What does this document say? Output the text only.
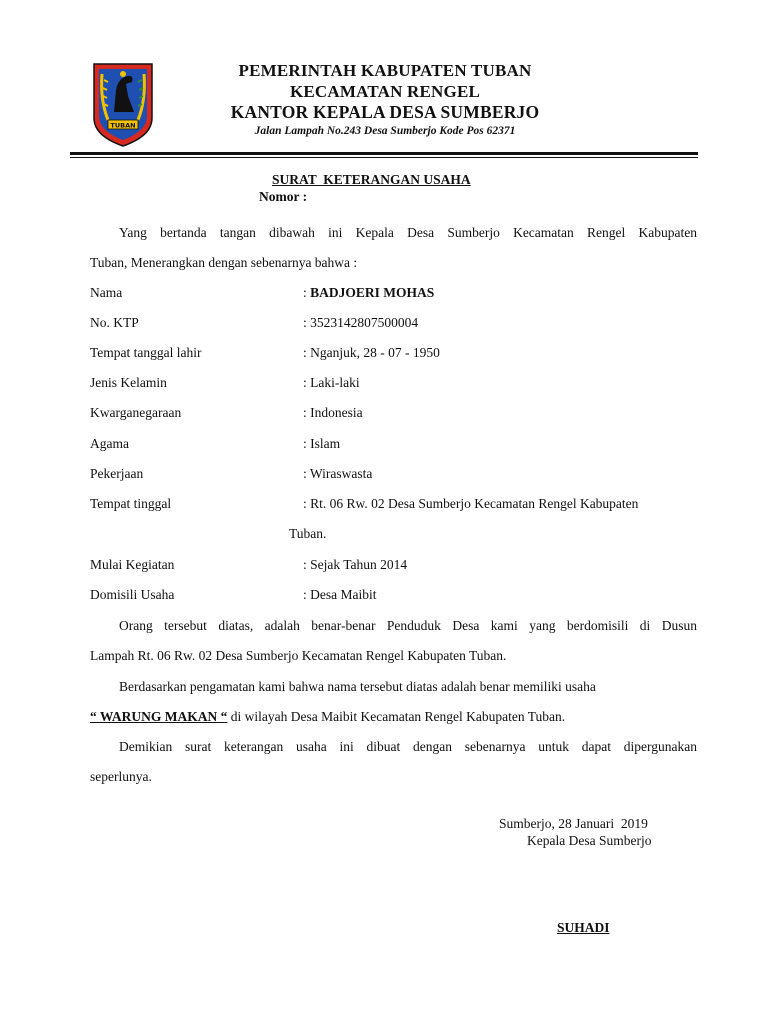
TUBAN
PEMERINTAH KABUPATEN TUBAN
KECAMATAN RENGEL
KANTOR KEPALA DESA SUMBERJO
Jalan Lampah No.243 Desa Sumberjo Kode Pos 62371
SURAT  KETERANGAN USAHA
Nomor :
Yang bertanda tangan dibawah ini Kepala Desa Sumberjo Kecamatan Rengel Kabupaten
Tuban, Menerangkan dengan sebenarnya bahwa :
Nama	: BADJOERI MOHAS
No. KTP	: 3523142807500004
Tempat tanggal lahir	: Nganjuk, 28 - 07 - 1950
Jenis Kelamin	: Laki-laki
Kwarganegaraan	: Indonesia
Agama	: Islam
Pekerjaan	: Wiraswasta
Tempat tinggal	: Rt. 06 Rw. 02 Desa Sumberjo Kecamatan Rengel Kabupaten
Tuban.
Mulai Kegiatan	: Sejak Tahun 2014
Domisili Usaha	: Desa Maibit
Orang tersebut diatas, adalah benar-benar Penduduk Desa kami yang berdomisili di Dusun
Lampah Rt. 06 Rw. 02 Desa Sumberjo Kecamatan Rengel Kabupaten Tuban.
Berdasarkan pengamatan kami bahwa nama tersebut diatas adalah benar memiliki usaha
“ WARUNG MAKAN “ di wilayah Desa Maibit Kecamatan Rengel Kabupaten Tuban.
Demikian surat keterangan usaha ini dibuat dengan sebenarnya untuk dapat dipergunakan
seperlunya.
Sumberjo, 28 Januari  2019
Kepala Desa Sumberjo
SUHADI
